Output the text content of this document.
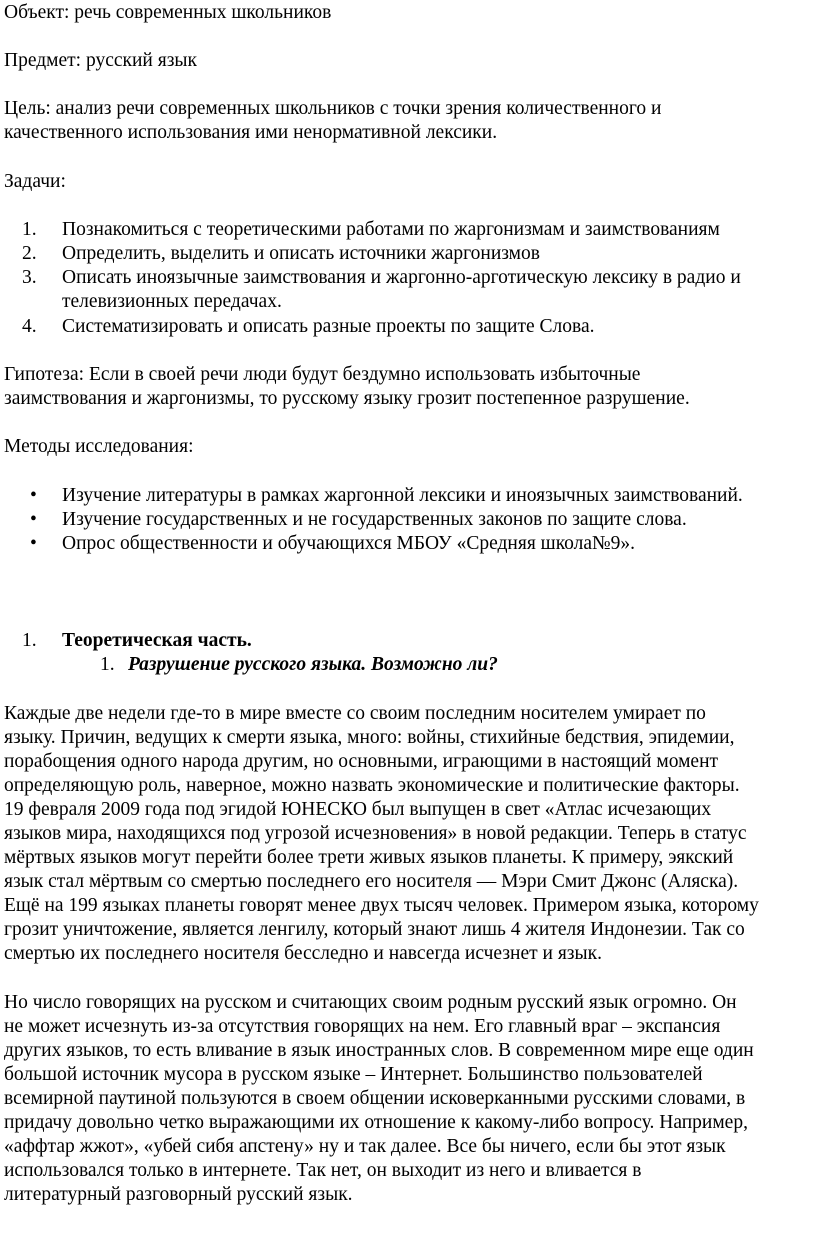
Объект: речь современных школьников
Предмет: русский язык
Цель: анализ речи современных школьников с точки зрения количественного и
качественного использования ими ненормативной лексики.
Задачи:
1.	Познакомиться с теоретическими работами по жаргонизмам и заимствованиям
2.	Определить, выделить и описать источники жаргонизмов
3.	Описать иноязычные заимствования и жаргонно-арготическую лексику в радио и
телевизионных передачах.
4.	Систематизировать и описать разные проекты по защите Слова.
Гипотеза: Если в своей речи люди будут бездумно использовать избыточные
заимствования и жаргонизмы, то русскому языку грозит постепенное разрушение.
Методы исследования:
• Изучение литературы в рамках жаргонной лексики и иноязычных заимствований.
• Изучение государственных и не государственных законов по защите слова.
• Опрос общественности и обучающихся МБОУ «Средняя школа№9».
1.	Теоретическая часть.
1. Разрушение русского языка. Возможно ли?
Каждые две недели где-то в мире вместе со своим последним носителем умирает по
языку. Причин, ведущих к смерти языка, много: войны, стихийные бедствия, эпидемии,
порабощения одного народа другим, но основными, играющими в настоящий момент
определяющую роль, наверное, можно назвать экономические и политические факторы.
19 февраля 2009 года под эгидой ЮНЕСКО был выпущен в свет «Атлас исчезающих
языков мира, находящихся под угрозой исчезновения» в новой редакции. Теперь в статус
мёртвых языков могут перейти более трети живых языков планеты. К примеру, эякский
язык стал мёртвым со смертью последнего его носителя — Мэри Смит Джонс (Аляска).
Ещё на 199 языках планеты говорят менее двух тысяч человек. Примером языка, которому
грозит уничтожение, является ленгилу, который знают лишь 4 жителя Индонезии. Так со
смертью их последнего носителя бесследно и навсегда исчезнет и язык.
Но число говорящих на русском и считающих своим родным русский язык огромно. Он
не может исчезнуть из-за отсутствия говорящих на нем. Его главный враг – экспансия
других языков, то есть вливание в язык иностранных слов. В современном мире еще один
большой источник мусора в русском языке – Интернет. Большинство пользователей
всемирной паутиной пользуются в своем общении исковерканными русскими словами, в
придачу довольно четко выражающими их отношение к какому-либо вопросу. Например,
«аффтар жжот», «убей сибя апстену» ну и так далее. Все бы ничего, если бы этот язык
использовался только в интернете. Так нет, он выходит из него и вливается в
литературный разговорный русский язык.
